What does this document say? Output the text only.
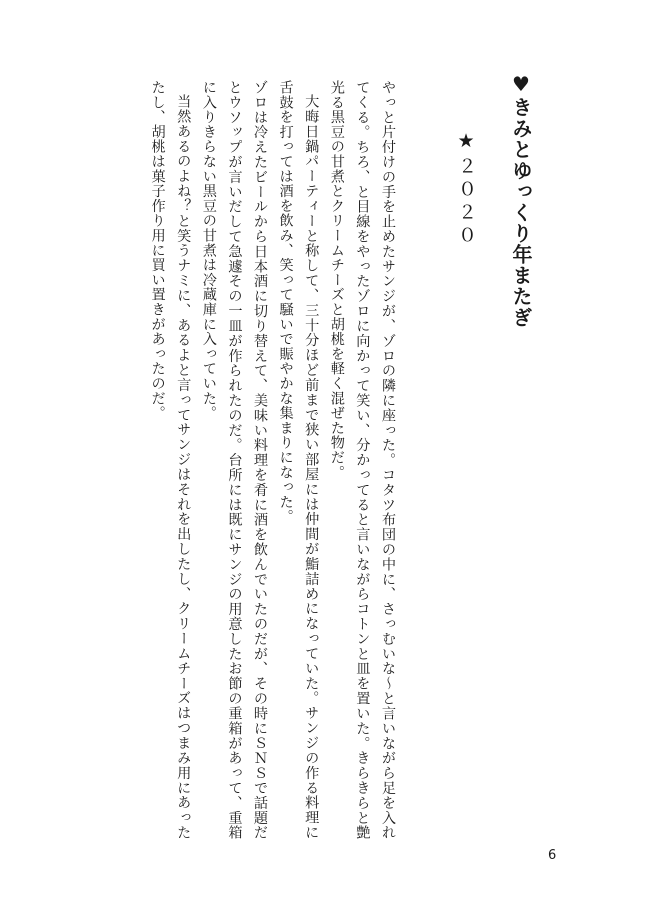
♥きみとゆっくり年またぎ
★２０２０

やっと片付けの手を止めたサンジが、ゾロの隣に座った。コタツ布団の中に、さっむいな～と言いながら足を入れてくる。ちろ、と目線をやったゾロに向かって笑い、分かってると言いながらコトンと皿を置いた。きらきらと艶光る黒豆の甘煮とクリームチーズと胡桃を軽く混ぜた物だ。

大晦日鍋パーティーと称して、三十分ほど前まで狭い部屋には仲間が鮨詰めになっていた。サンジの作る料理に舌鼓を打っては酒を飲み、笑って騒いで賑やかな集まりになった。

ゾロは冷えたビールから日本酒に切り替えて、美味い料理を肴に酒を飲んでいたのだが、その時にＳＮＳで話題だとウソップが言いだして急遽その一皿が作られたのだ。台所には既にサンジの用意したお節の重箱があって、重箱に入りきらない黒豆の甘煮は冷蔵庫に入っていた。

当然あるのよね？と笑うナミに、あるよと言ってサンジはそれを出したし、クリームチーズはつまみ用にあったたし、胡桃は菓子作り用に買い置きがあったのだ。

6
